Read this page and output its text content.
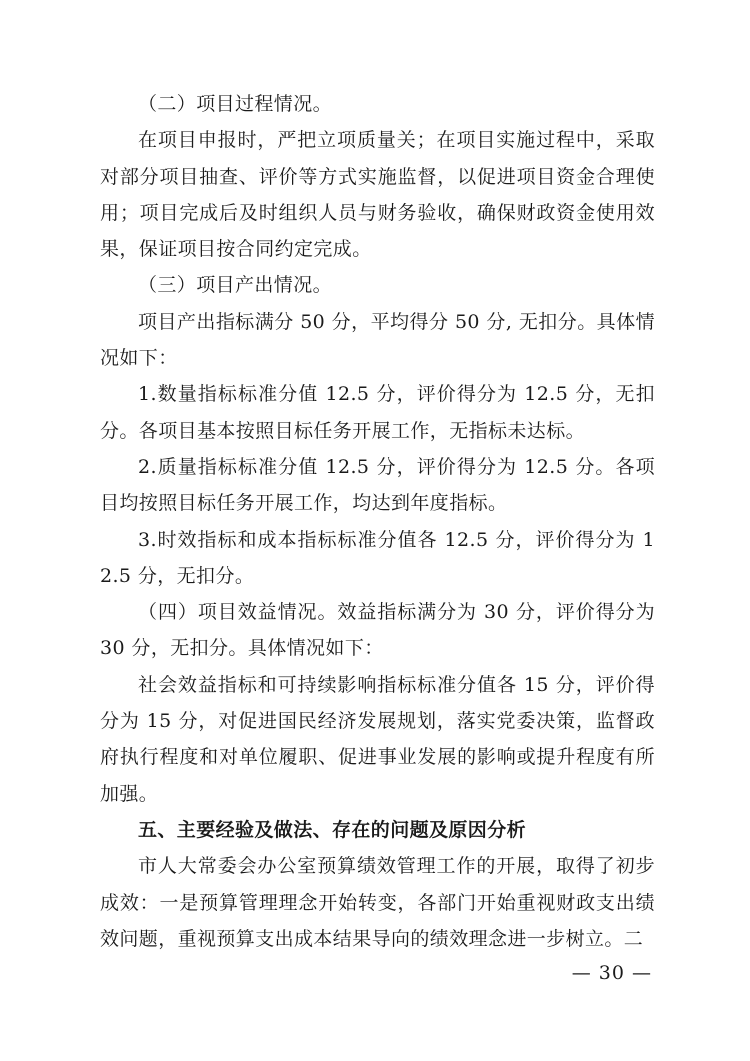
（二）项目过程情况。

在项目申报时，严把立项质量关；在项目实施过程中，采取对部分项目抽查、评价等方式实施监督，以促进项目资金合理使用；项目完成后及时组织人员与财务验收，确保财政资金使用效果，保证项目按合同约定完成。

（三）项目产出情况。

项目产出指标满分 50 分，平均得分 50 分, 无扣分。具体情况如下：

1.数量指标标准分值 12.5 分，评价得分为 12.5 分，无扣分。各项目基本按照目标任务开展工作，无指标未达标。

2.质量指标标准分值 12.5 分，评价得分为 12.5 分。各项目均按照目标任务开展工作，均达到年度指标。

3.时效指标和成本指标标准分值各 12.5 分，评价得分为 12.5 分，无扣分。

（四）项目效益情况。效益指标满分为 30 分，评价得分为 30 分，无扣分。具体情况如下：

社会效益指标和可持续影响指标标准分值各 15 分，评价得分为 15 分，对促进国民经济发展规划，落实党委决策，监督政府执行程度和对单位履职、促进事业发展的影响或提升程度有所加强。

五、主要经验及做法、存在的问题及原因分析

市人大常委会办公室预算绩效管理工作的开展，取得了初步成效：一是预算管理理念开始转变，各部门开始重视财政支出绩效问题，重视预算支出成本结果导向的绩效理念进一步树立。二

— 30 —
